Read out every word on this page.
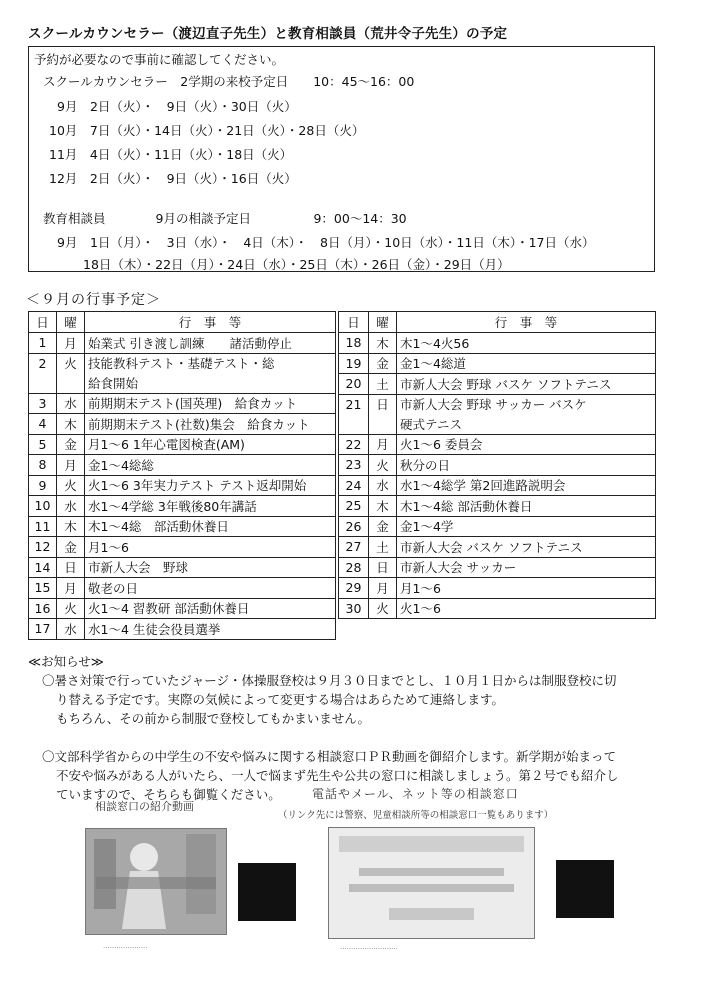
スクールカウンセラー（渡辺直子先生）と教育相談員（荒井令子先生）の予定
予約が必要なので事前に確認してください。
スクールカウンセラー　2学期の来校予定日　　10：45～16：00
9月　2日（火）・　9日（火）・30日（火）
10月　7日（火）・14日（火）・21日（火）・28日（火）
11月　4日（火）・11日（火）・18日（火）
12月　2日（火）・　9日（火）・16日（火）
教育相談員　　　　9月の相談予定日　　　　　9：00～14：30
9月　1日（月）・　3日（水）・　4日（木）・　8日（月）・10日（水）・11日（木）・17日（水）
18日（木）・22日（月）・24日（水）・25日（木）・26日（金）・29日（月）
＜９月の行事予定＞
日	曜	行　事　等
1	月	始業式 引き渡し訓練　　諸活動停止
2	火	技能教科テスト・基礎テスト・総
		給食開始
3	水	前期期末テスト(国英理)　給食カット
4	木	前期期末テスト(社数)集会　給食カット
5	金	月1～6 1年心電図検査(AM)
8	月	金1～4総総
9	火	火1～6 3年実力テスト テスト返却開始
10	水	水1～4学総 3年戦後80年講話
11	木	木1～4総　部活動休養日
12	金	月1～6
14	日	市新人大会　野球
15	月	敬老の日
16	火	火1～4 習教研 部活動休養日
17	水	水1～4 生徒会役員選挙
日	曜	行　事　等
18	木	木1～4火56
19	金	金1～4総道
20	土	市新人大会 野球 バスケ ソフトテニス
21	日	市新人大会 野球 サッカー バスケ
		硬式テニス
22	月	火1～6 委員会
23	火	秋分の日
24	水	水1～4総学 第2回進路説明会
25	木	木1～4総 部活動休養日
26	金	金1～4学
27	土	市新人大会 バスケ ソフトテニス
28	日	市新人大会 サッカー
29	月	月1～6
30	火	火1～6

≪お知らせ≫

〇暑さ対策で行っていたジャージ・体操服登校は９月３０日までとし、１０月１日からは制服登校に切

り替える予定です。実際の気候によって変更する場合はあらためて連絡します。

もちろん、その前から制服で登校してもかまいません。

〇文部科学省からの中学生の不安や悩みに関する相談窓口ＰＲ動画を御紹介します。新学期が始まって

不安や悩みがある人がいたら、一人で悩まず先生や公共の窓口に相談しましょう。第２号でも紹介し

ていますので、そちらも御覧ください。

相談窓口の紹介動画
····················
電話やメール、ネット等の相談窓口
（リンク先には警察、児童相談所等の相談窓口一覧もあります）
··························
